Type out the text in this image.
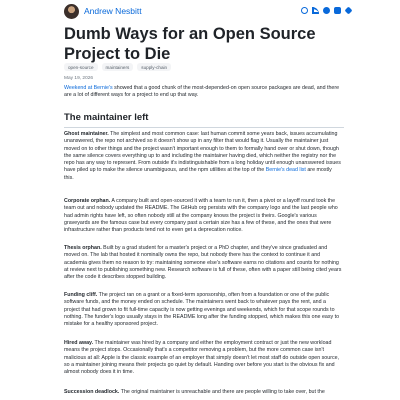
Andrew Nesbitt
Dumb Ways for an Open Source Project to Die
open-source	maintainers	supply-chain
May 19, 2026

Weekend at Bernie's showed that a good chunk of the most-depended-on open source packages are dead, and there are a lot of different ways for a project to end up that way.

The maintainer left

Ghost maintainer. The simplest and most common case: last human commit some years back, issues accumulating unanswered, the repo not archived so it doesn't show up in any filter that would flag it. Usually the maintainer just moved on to other things and the project wasn't important enough to them to formally hand over or shut down, though the same silence covers everything up to and including the maintainer having died, which neither the registry nor the repo has any way to represent. From outside it's indistinguishable from a long holiday until enough unanswered issues have piled up to make the silence unambiguous, and the npm utilities at the top of the Bernie's dead list are mostly this.

Corporate orphan. A company built and open-sourced it with a team to run it, then a pivot or a layoff round took the team out and nobody updated the README. The GitHub org persists with the company logo and the last people who had admin rights have left, so often nobody still at the company knows the project is theirs. Google's various graveyards are the famous case but every company past a certain size has a few of these, and the ones that were infrastructure rather than products tend not to even get a deprecation notice.

Thesis orphan. Built by a grad student for a master's project or a PhD chapter, and they've since graduated and moved on. The lab that hosted it nominally owns the repo, but nobody there has the context to continue it and academia gives them no reason to try: maintaining someone else's software earns no citations and counts for nothing at review next to publishing something new. Research software is full of these, often with a paper still being cited years after the code it describes stopped building.

Funding cliff. The project ran on a grant or a fixed-term sponsorship, often from a foundation or one of the public software funds, and the money ended on schedule. The maintainers went back to whatever pays the rent, and a project that had grown to fit full-time capacity is now getting evenings and weekends, which for that scope rounds to nothing. The funder's logo usually stays in the README long after the funding stopped, which makes this one easy to mistake for a healthy sponsored project.

Hired away. The maintainer was hired by a company and either the employment contract or just the new workload means the project stops. Occasionally that's a competitor removing a problem, but the more common case isn't malicious at all: Apple is the classic example of an employer that simply doesn't let most staff do outside open source, so a maintainer joining means their projects go quiet by default. Handing over before you start is the obvious fix and almost nobody does it in time.

Succession deadlock. The original maintainer is unreachable and there are people willing to take over, but the
